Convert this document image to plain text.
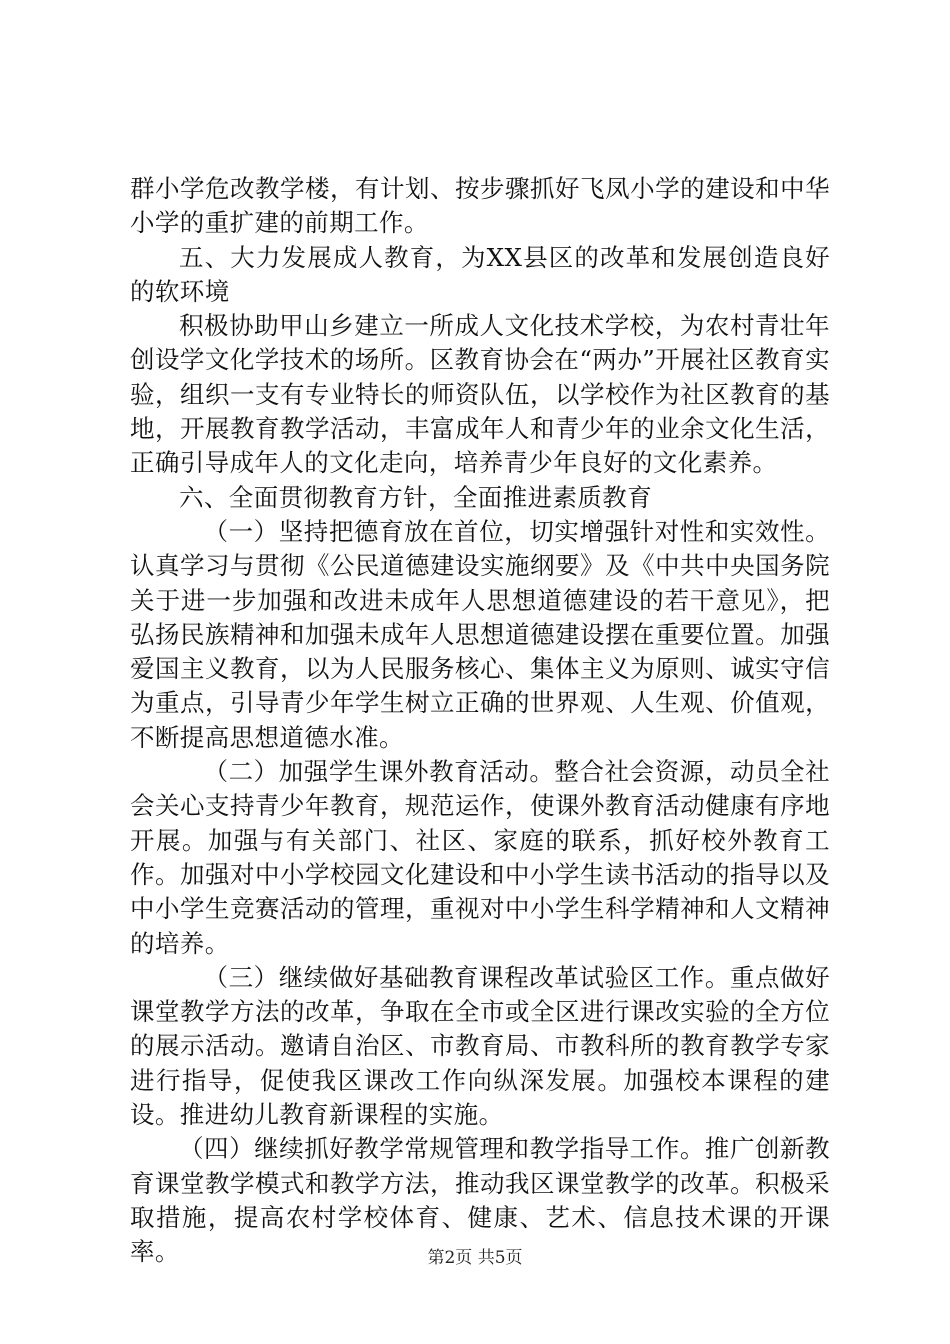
群小学危改教学楼，有计划、按步骤抓好飞凤小学的建设和中华小学的重扩建的前期工作。

五、大力发展成人教育，为XX县区的改革和发展创造良好的软环境

积极协助甲山乡建立一所成人文化技术学校，为农村青壮年创设学文化学技术的场所。区教育协会在“两办”开展社区教育实验，组织一支有专业特长的师资队伍，以学校作为社区教育的基地，开展教育教学活动，丰富成年人和青少年的业余文化生活，正确引导成年人的文化走向，培养青少年良好的文化素养。

六、全面贯彻教育方针，全面推进素质教育

（一）坚持把德育放在首位，切实增强针对性和实效性。认真学习与贯彻《公民道德建设实施纲要》及《中共中央国务院关于进一步加强和改进未成年人思想道德建设的若干意见》，把弘扬民族精神和加强未成年人思想道德建设摆在重要位置。加强爱国主义教育，以为人民服务核心、集体主义为原则、诚实守信为重点，引导青少年学生树立正确的世界观、人生观、价值观，不断提高思想道德水准。

（二）加强学生课外教育活动。整合社会资源，动员全社会关心支持青少年教育，规范运作，使课外教育活动健康有序地开展。加强与有关部门、社区、家庭的联系，抓好校外教育工作。加强对中小学校园文化建设和中小学生读书活动的指导以及中小学生竞赛活动的管理，重视对中小学生科学精神和人文精神的培养。

（三）继续做好基础教育课程改革试验区工作。重点做好课堂教学方法的改革，争取在全市或全区进行课改实验的全方位的展示活动。邀请自治区、市教育局、市教科所的教育教学专家进行指导，促使我区课改工作向纵深发展。加强校本课程的建设。推进幼儿教育新课程的实施。

（四）继续抓好教学常规管理和教学指导工作。推广创新教育课堂教学模式和教学方法，推动我区课堂教学的改革。积极采取措施，提高农村学校体育、健康、艺术、信息技术课的开课率。	第2页 共5页
